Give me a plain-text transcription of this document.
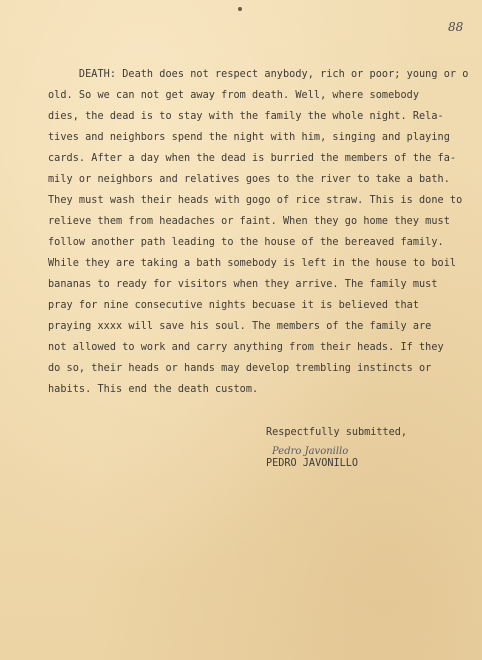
88
DEATH: Death does not respect anybody, rich or poor; young or o
old. So we can not get away from death. Well, where somebody
dies, the dead is to stay with the family the whole night. Rela-
tives and neighbors spend the night with him, singing and playing
cards. After a day when the dead is burried the members of the fa-
mily or neighbors and relatives goes to the river to take a bath.
They must wash their heads with gogo of rice straw. This is done to
relieve them from headaches or faint. When they go home they must
follow another path leading to the house of the bereaved family.
While they are taking a bath somebody is left in the house to boil
bananas to ready for visitors when they arrive. The family must
pray for nine consecutive nights becuase it is believed that
praying xxxx will save his soul. The members of the family are
not allowed to work and carry anything from their heads. If they
do so, their heads or hands may develop trembling instincts or
habits. This end the death custom.
Respectfully submitted,
Pedro Javonillo
PEDRO JAVONILLO
